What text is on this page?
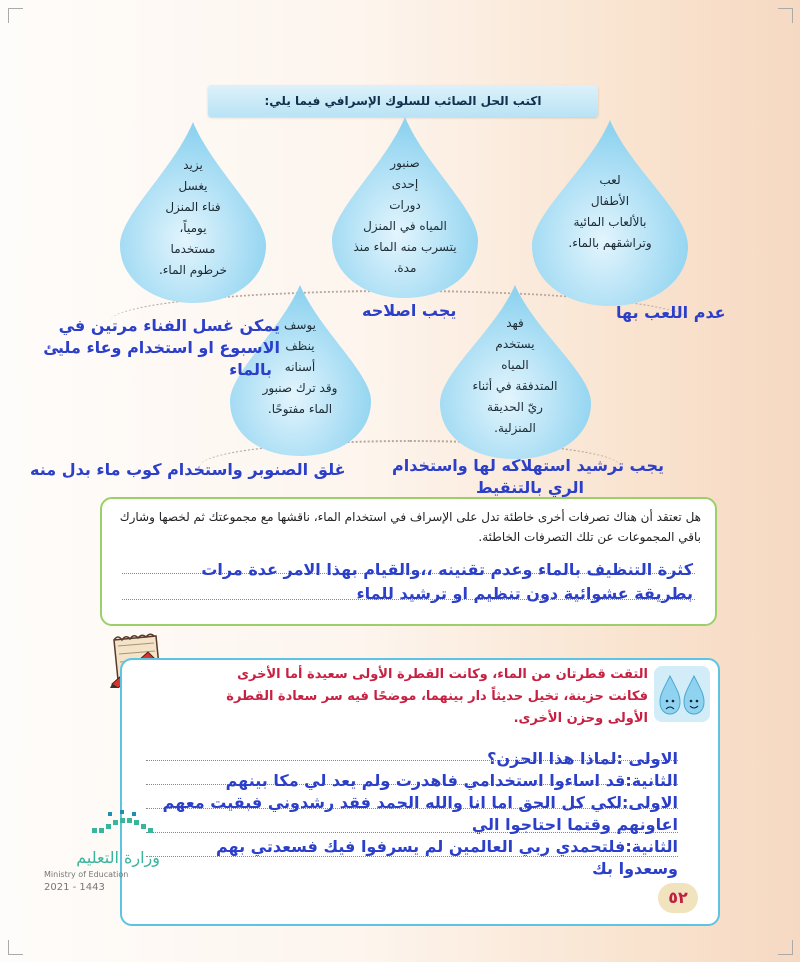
اكتب الحل الصائب للسلوك الإسرافي فيما يلي:
يزيد
يغسل
فناء المنزل
يومياً،
مستخدما
خرطوم الماء.
صنبور
إحدى
دورات
المياه في المنزل
يتسرب منه الماء منذ
مدة.
لعب
الأطفال
بالألعاب المائية
وتراشقهم بالماء.
يوسف
ينظف
أسنانه
وقد ترك صنبور
الماء مفتوحًا.
فهد
يستخدم
المياه
المتدفقة في أثناء
ريّ الحديقة
المنزلية.
يمكن غسل الفناء مرتين في
الاسبوع او استخدام وعاء مليئ
بالماء
يجب اصلاحه	عدم اللعب بها
غلق الصنوبر واستخدام كوب ماء بدل منه	يجب ترشيد استهلاكه لها واستخدام
الري بالتنقيط
هل تعتقد أن هناك تصرفات أخرى خاطئة تدل على الإسراف في استخدام الماء، ناقشها مع مجموعتك ثم لخصها وشارك باقي المجموعات عن تلك التصرفات الخاطئة.
كثرة التنظيف بالماء وعدم تقنينه ،،والقيام بهذا الامر عدة مرات
بطريقة عشوائية دون تنظيم او ترشيد للماء
التقت قطرتان من الماء، وكانت القطرة الأولى سعيدة أما الأخرى فكانت حزينة، تخيل حديثاً دار بينهما، موضحًا فيه سر سعادة القطرة الأولى وحزن الأخرى.
الاولى :لماذا هذا الحزن؟
الثانية:قد اساءوا استخدامي فاهدرت ولم يعد لي مكا بينهم
الاولى:لكي كل الحق اما انا والله الحمد فقد رشدوني فبقيت معهم
اعاونهم وقتما احتاجوا الي
الثانية:فلتحمدي ربي العالمين لم يسرفوا فيك فسعدتي بهم
وسعدوا بك
٥٢
وزارة التعليم
Ministry of Education
2021 - 1443
